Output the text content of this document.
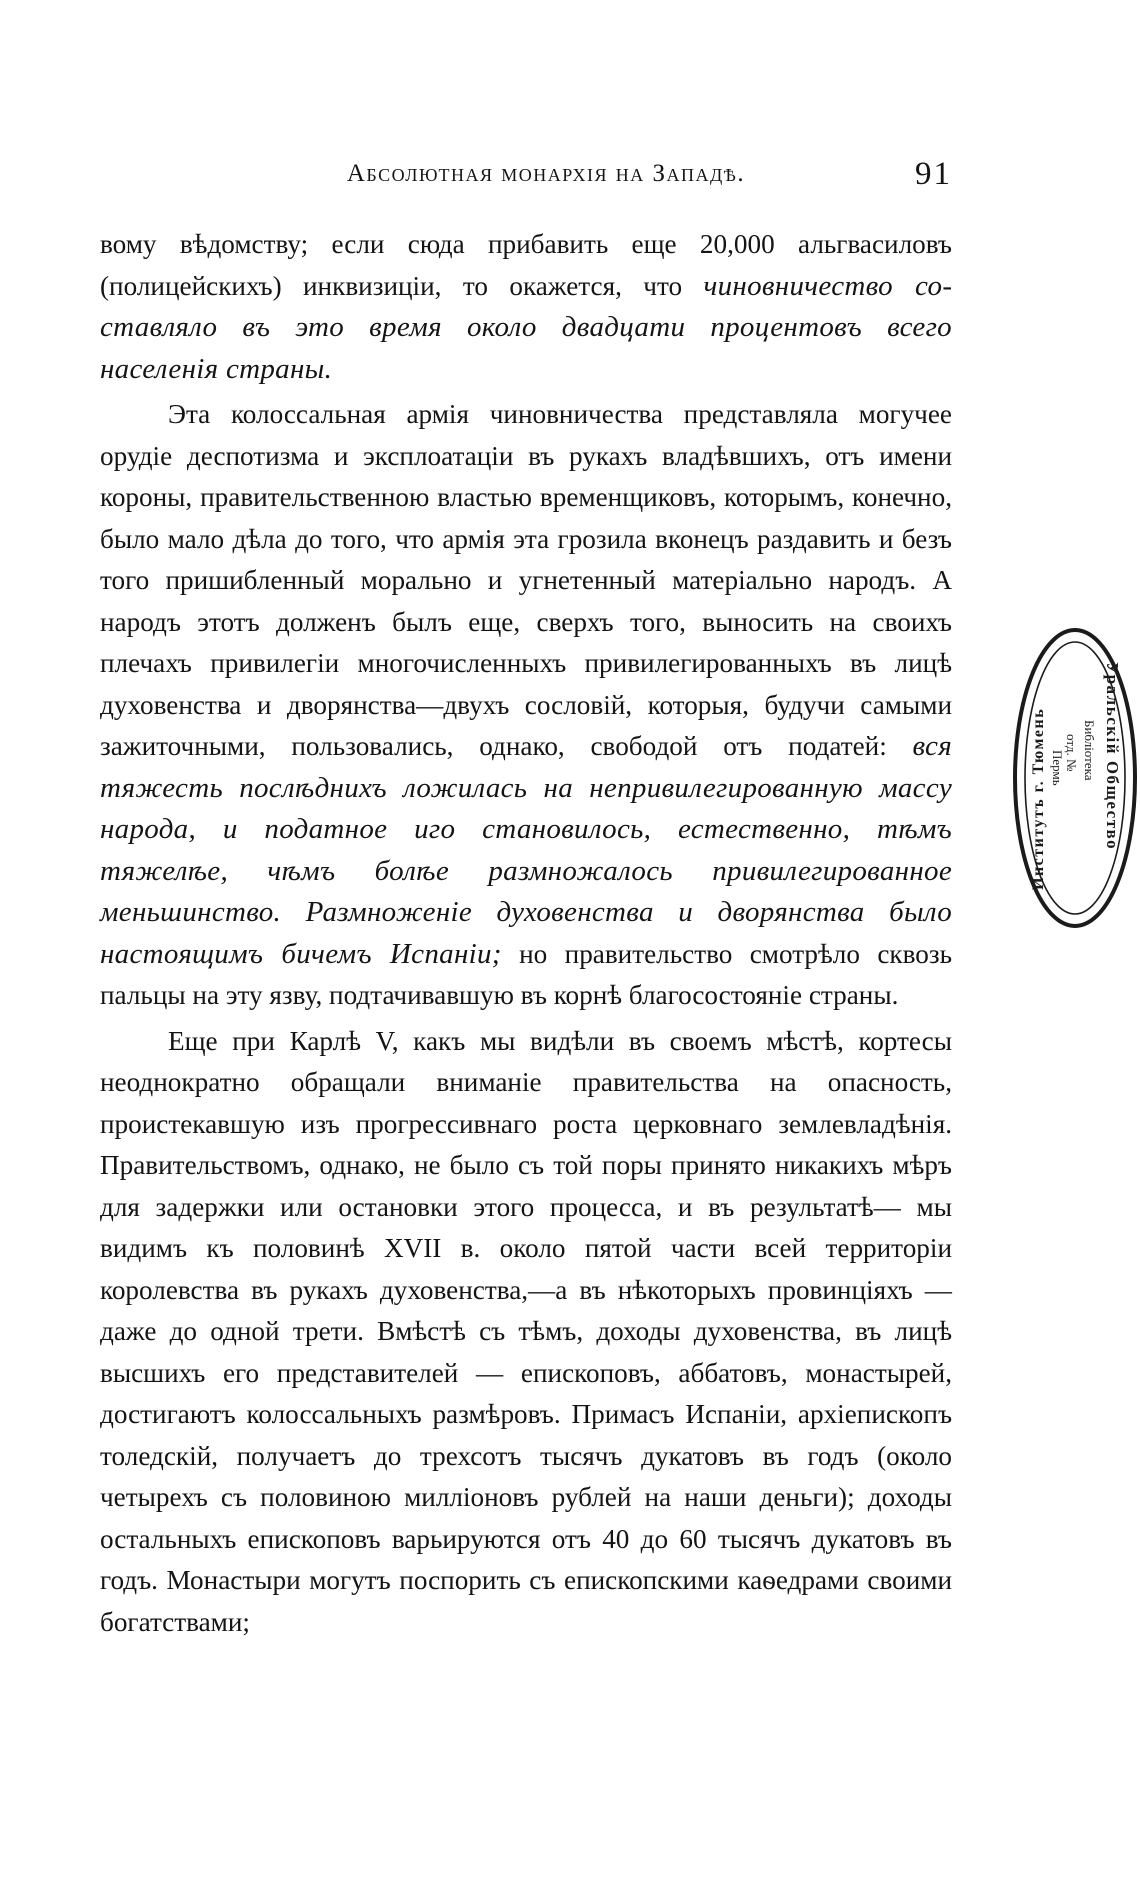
Абсолютная монархія на Западѣ.	91

вому вѣдомству; если сюда прибавить еще 20,000 альгвасиловъ (полицейскихъ) инквизиціи, то окажется, что чиновничество составляло въ это время около двадцати процентовъ всего населенія страны.

Эта колоссальная армія чиновничества представляла могучее орудіе деспотизма и эксплоатаціи въ рукахъ владѣвшихъ, отъ имени короны, правительственною властью временщиковъ, которымъ, конечно, было мало дѣла до того, что армія эта грозила вконецъ раздавить и безъ того пришибленный морально и угнетенный матеріально народъ. А народъ этотъ долженъ былъ еще, сверхъ того, выносить на своихъ плечахъ привилегіи многочисленныхъ привилегированныхъ въ лицѣ духовенства и дворянства—двухъ сословій, которыя, будучи самыми зажиточными, пользовались, однако, свободой отъ податей: вся тяжесть послѣднихъ ложилась на непривилегированную массу народа, и податное иго становилось, естественно, тѣмъ тяжелѣе, чѣмъ болѣе размножалось привилегированное меньшинство. Размноженіе духовенства и дворянства было настоящимъ бичемъ Испаніи; но правительство смотрѣло сквозь пальцы на эту язву, подтачивавшую въ корнѣ благосостояніе страны.

Еще при Карлѣ V, какъ мы видѣли въ своемъ мѣстѣ, кортесы неоднократно обращали вниманіе правительства на опасность, проистекавшую изъ прогрессивнаго роста церковнаго землевладѣнія. Правительствомъ, однако, не было съ той поры принято никакихъ мѣръ для задержки или остановки этого процесса, и въ результатѣ— мы видимъ къ половинѣ XVII в. около пятой части всей территоріи королевства въ рукахъ духовенства,—а въ нѣкоторыхъ провинціяхъ — даже до одной трети. Вмѣстѣ съ тѣмъ, доходы духовенства, въ лицѣ высшихъ его представителей — епископовъ, аббатовъ, монастырей, достигаютъ колоссальныхъ размѣровъ. Примасъ Испаніи, архіепископъ толедскій, получаетъ до трехсотъ тысячъ дукатовъ въ годъ (около четырехъ съ половиною милліоновъ рублей на наши деньги); доходы остальныхъ епископовъ варьируются отъ 40 до 60 тысячъ дукатовъ въ годъ. Монастыри могутъ поспорить съ епископскими каѳедрами своими богатствами;

Уральскій Общество
Институтъ г. Тюмень	Библіотека
отд. №
Пермь
